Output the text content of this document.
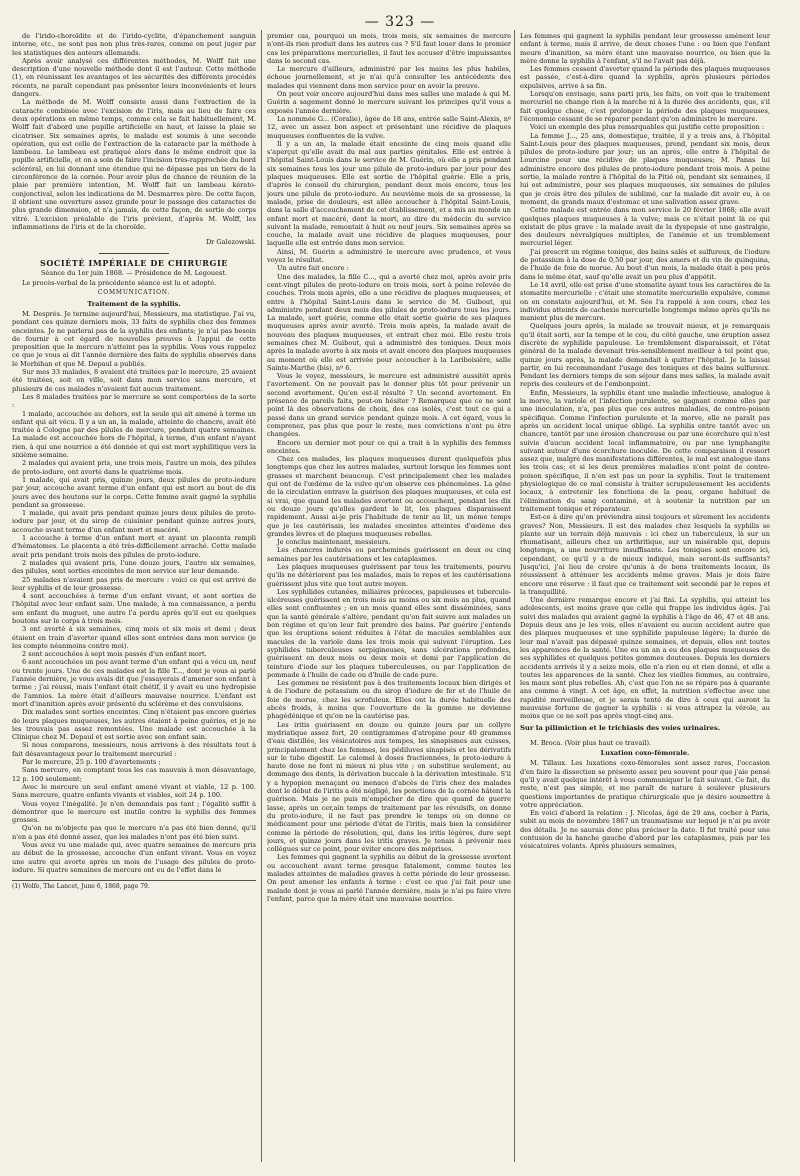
— 323 —

de l'irido-choroïdite et de l'irido-cyclite, d'épanchement sanguin interne, etc., ne sont pas non plus très-rares, comme on peut juger par les statistiques des auteurs allemands.

Après avoir analysé ces différentes méthodes, M. Wolff fait une description d'une nouvelle méthode dont il est l'auteur. Cette méthode (1), en réunissant les avantages et les sécurités des différents procédés récents, ne paraît cependant pas présenter leurs inconvénients et leurs dangers.

La méthode de M. Wolff consiste aussi dans l'extraction de la cataracte combinée avec l'excision de l'iris, mais au lieu de faire ces deux opérations en même temps, comme cela se fait habituellement, M. Wolff fait d'abord une pupille artificielle en haut, et laisse la plaie se cicatriser. Six semaines après, le malade est soumis à une seconde opération, qui est celle de l'extraction de la cataracte par la méthode à lambeau. Le lambeau est pratiqué alors dans le même endroit que la pupille artificielle, et on a soin de faire l'incision très-rapprochée du bord scléréral, en lui donnant une étendue qui ne dépasse pas un tiers de la circonférence de la cornée. Pour avoir plus de chance de réunion de la plaie par première intention, M. Wolff fait un lambeau kérato-conjonctival, selon les indications de M. Desmarres père. De cette façon, il obtient une ouverture assez grande pour le passage des cataractes de plus grande dimension, et n'a jamais, de cette façon, de sortie de corps vitré. L'excision préalable de l'iris prévient, d'après M. Wolff, les inflammations de l'iris et de la choroïde.

Dr Galezowski.

SOCIÉTÉ IMPÉRIALE DE CHIRURGIE

Séance du 1er juin 1868. — Présidence de M. Legouest.

Le procès-verbal de la précédente séance est lu et adopté.

COMMUNICATION.

Traitement de la syphilis.

M. Després. Je termine aujourd'hui, Messieurs, ma statistique. J'ai vu, pendant ces quinze derniers mois, 33 faits de syphilis chez des femmes enceintes. Je ne parlerai pas de la syphilis des enfants; je n'ai pas besoin de fournir à cet égard de nouvelles preuves à l'appui de cette proposition que le mercure n'atteint pas la syphilis. Vous vous rappelez ce que je vous ai dit l'année dernière des faits de syphilis observés dans le Morbihan et que M. Depaul a publiés.

Sur mes 33 malades, 8 avaient été traitées par le mercure, 25 avaient été traitées, soit en ville, soit dans mon service sans mercure, et plusieurs de ces malades n'avaient fait aucun traitement.

Les 8 malades traitées par le mercure se sont comportées de la sorte :

1 malade, accouchée au dehors, est la seule qui ait amené à terme un enfant qui ait vécu. Il y a un an, la malade, atteinte de chancre, avait été traitée à Cologne par des pilules de mercure, pendant quatre semaines. La malade est accouchée hors de l'hôpital, à terme, d'un enfant n'ayant rien, à qui une nourrice a été donnée et qui est mort syphilitique vers la sixième semaine.

2 malades qui avaient pris, une trois mois, l'autre un mois, des pilules de proto-iodure, ont avorté dans le quatrième mois.

1 malade, qui avait pris, quinze jours, deux pilules de proto-iodure par jour, accouche avant terme d'un enfant qui est mort au bout de dix jours avec des boutons sur le corps. Cette femme avait gagné la syphilis pendant sa grossesse.

1 malade, qui avait pris pendant quinze jours deux pilules de proto-iodure par jour, et du sirop de cuisinier pendant quinze autres jours, accouche avant terme d'un enfant mort et macéré.

1 accouche à terme d'un enfant mort et ayant un placenta rempli d'hématomes. Le placenta a été très-difficilement arraché. Cette malade avait pris pendant trois mois des pilules de proto-iodure.

2 malades qui avaient pris, l'une douze jours, l'autre six semaines, des pilules, sont sorties enceintes de mon service sur leur demande.

25 malades n'avaient pas pris de mercure : voici ce qui est arrivé de leur syphilis et de leur grossesse.

4 sont accouchées à terme d'un enfant vivant, et sont sorties de l'hôpital avec leur enfant sain. Une malade, à ma connaissance, a perdu son enfant du muguet, une autre l'a perdu après qu'il eut eu quelques boutons sur le corps à trois mois.

3 ont avorté à six semaines, cinq mois et six mois et demi ; deux étaient en train d'avorter quand elles sont entrées dans mon service (je les compte néanmoins contre moi).

2 sont accouchées à sept mois passés d'un enfant mort.

6 sont accouchées un peu avant terme d'un enfant qui a vécu un, neuf ou trente jours. Une de ces malades est la fille T..., dont je vous ai parlé l'année dernière, je vous avais dit que j'essayerais d'amener son enfant à terme ; j'ai réussi, mais l'enfant était chétif, il y avait eu une hydropisie de l'amnios. La mère était d'ailleurs mauvaise nourrice. L'enfant est mort d'inanition après avoir présenté du sclérème et des convulsions.

Dix malades sont sorties enceintes. Cinq n'étaient pas encore guéries de leurs plaques muqueuses, les autres étaient à peine guéries, et je ne les trouvais pas assez remontées. Une malade est accouchée à la Clinique chez M. Depaul et est sortie avec son enfant sain.

Si nous comparons, messieurs, nous arrivons à des résultats tout à fait désavantageux pour le traitement mercuriel :

Par le mercure, 25 p. 100 d'avortements ;

Sans mercure, en comptant tous les cas mauvais à mon désavantage, 12 p. 100 seulement;

Avec le mercure un seul enfant amené vivant et viable, 12 p. 100. Sans mercure, quatre enfants vivants et viables, soit 24 p. 100.

Vous voyez l'inégalité. Je n'en demandais pas tant ; l'égalité suffit à démontrer que le mercure est inutile contre la syphilis des femmes grosses.

Qu'on ne m'objecte pas que le mercure n'a pas été bien donné, qu'il n'en a pas été donné assez, que les malades n'ont pas été bien suivi.

Vous avez vu une malade qui, avec quatre semaines de mercure pris au début de la grossesse, accouche d'un enfant vivant. Vous en voyez une autre qui avorte après un mois de l'usage des pilules de proto-iodure. Si quatre semaines de mercure ont eu de l'effet dans le

(1) Wolfe, The Lancet, June 6, 1868, page 79.

premier cas, pourquoi un mois, trois mois, six semaines de mercure n'ont-ils rien produit dans les autres cas ? S'il faut louer dans le premier cas les préparations mercurielles, il faut les accuser d'être impuissantes dans le second cas.

Le mercure d'ailleurs, administré par les mains les plus habiles, échoue journellement, et je n'ai qu'à consulter les antécédents des malades qui viennent dans mon service pour en avoir la preuve.

On peut voir encore aujourd'hui dans mes salles une malade à qui M. Guérin a sagement donné le mercure suivant les principes qu'il vous a exposés l'année dernière.

La nommée G... (Coralie), âgée de 18 ans, entrée salle Saint-Alexis, nº 12, avec un assez bon aspect et présentant une récidive de plaques muqueuses confluentes de la vulve.

Il y a un an, la malade était enceinte de cinq mois quand elle s'aperçut qu'elle avait du mal aux parties génitales. Elle est entrée à l'hôpital Saint-Louis dans le service de M. Guérin, où elle a pris pendant six semaines tous les jour une pilule de proto-iodure par jour pour des plaques muqueuses. Elle est sortie de l'hôpital guérie. Elle a pris, d'après le conseil du chirurgien, pendant deux mois encore, tous les jours une pilule de proto-iodure. Au neuvième mois de sa grossesse, la malade, prise de douleurs, est allée accoucher à l'hôpital Saint-Louis, dans la salle d'accouchement de cet établissement, et a mis au monde un enfant mort et macéré, dont la mort, au dire du médecin du service suivant la malade, remontait à huit ou neuf jours. Six semaines après sa couche, la malade avait une récidive de plaques muqueuses, pour laquelle elle est entrée dans mon service.

Ainsi, M. Guérin a administré le mercure avec prudence, et vous voyez le résultat.

Un autre fait encore :

Une des malades, la fille C..., qui a avorté chez moi, après avoir pris cent-vingt pilules de proto-iodure en trois mois, sort à peine relevée de couches. Trois mois après, elle a une récidive de plaques muqueuses, et entre à l'hôpital Saint-Louis dans le service de M. Guibout, qui administre pendant deux mois des pilules de proto-iodure tous les jours. La malade, sort guérie, comme elle était sortie guérie de ses plaques muqueuses après avoir avorté. Trois mois après, la malade avait de nouveau des plaques muqueuses, et entrait chez moi. Elle reste trois semaines chez M. Guibout, qui a administré des toniques. Deux mois après la malade avorte à six mois et avait encore des plaques muqueuses au moment où elle est arrivée pour accoucher à la Lariboisière, salle Sainte-Marthe (bis), nº 6.

Vous le voyez, messieurs, le mercure est administré aussitôt après l'avortement. On ne pouvait pas le donner plus tôt pour prévenir un second avortement. Qu'en est-il résulté ? Un second avortement. En présence de pareils faits, peut-on hésiter ? Remarquez que ce ne sont point là des observations de choix, des cas isolés, c'est tout ce qui a passé dans un grand service pendant quinze mois. A cet égard, vous le comprenez, pas plus que pour le reste, mes convictions n'ont pu être changées.

Encore un dernier mot pour ce qui a trait à la syphilis des femmes enceintes.

Chez ces malades, les plaques muqueuses durent quelquefois plus longtemps que chez les autres malades, surtout lorsque les femmes sont grasses et marchent beaucoup. C'est principalement chez les malades qui ont de l'œdème de la vulve qu'on observe ces phénomènes. La gêne de la circulation entrave la guérison des plaques muqueuses, et cela est si vrai, que quand les malades avortent ou accouchent, pendant les dix ou douze jours qu'elles gardent le lit, les plaques disparaissent rapidement. Aussi ai-je pris l'habitude de tenir au lit, un même temps que je les cautérisais, les malades enceintes atteintes d'œdème des grandes lèvres et de plaques muqueuses rebelles.

Je conclus maintenant, messieurs.

Les chancres indurés ou parcheminés guérissent en deux ou cinq semaines par les cautérisations et les cataplasmes.

Les plaques muqueuses guérissent par tous les traitements, pourvu qu'ils ne détériorent pas les malades, mais le repos et les cautérisations guérissent plus vite que tout autre moyen.

Les syphilides cutanées, miliaires précoces, papuleuses et tuberculo-ulcéreuses guérissent en trois mois au moins ou six mois au plus, quand elles sont confluentes ; en un mois quand elles sont disséminées, sans que la santé générale s'altère, pendant qu'on fait suivre aux malades un bon régime et qu'on leur fait prendre des bains. Par guérire j'entends que les éruptions soient réduites à l'état de macules semblables aux macules de la variole dans les trois mois qui suivent l'éruption. Les syphilides tuberculeuses serpigineuses, sans ulcérations profondes, guérissent en deux mois ou deux mois et demi par l'application de teinture d'iode sur les plaques tuberculeuses, ou par l'application de pommade à l'huile de cade ou d'huile de cade pure.

Les gommes ne résistent pas à des traitements locaux bien dirigés et à de l'iodure de potassium ou du sirop d'iodure de fer et de l'huile de foie de morue, chez les scrofuleux. Elles ont la durée habituelle des abcès froids, à moins que l'ouverture de la gomme ne devienne phagédénique et qu'on ne la cautérise pas.

Les iritis guérissent en douze ou quinze jours par un collyre mydriatique assez fort, 20 centigrammes d'atropine pour 40 grammes d'eau distillée, les vésicatoires aux tempes, les sinapismes aux cuisses, principalement chez les femmes, les pédiluves sinapisés et les dérivatifs sur le tube digestif. Le calomel à doses fractionnées, le proto-iodure à haute dose ne font ni mieux ni plus vite ; on substitue seulement, au dommage des dents, la dérivation buccale à la dérivation intestinale. S'il y a hypopion menaçant ou menace d'abcès de l'iris chez des malades dont le début de l'iritis a été négligé, les ponctions de la cornée hâtent la guérison. Mais je ne puis m'empêcher de dire que quand de guerre lasse, après un cer,ain temps de traitement par les révulsifs, on donne du proto-iodure, il ne faut pas prendre le temps où on donne ce médicament pour une période d'état de l'iritis, mais bien la considérer comme la période de résolution, qui, dans les iritis légères, dure sept jours, et quinze jours dans les iritis graves. Je tenais à prévenir mes collègues sur ce point, pour éviter encore des méprises.

Les femmes qui gagnent la syphilis au début de la grossesse avortent ou accouchent avant terme presque fatalement, comme toutes les malades atteintes de maladies graves à cette période de leur grossesse. On peut amener les enfants à terme : c'est ce que j'ai fait pour une malade dont je vous ai parlé l'année dernière, mais je n'ai pu faire vivre l'enfant, parce que la mère était une mauvaise nourrice.

Les femmes qui gagnent la syphilis pendant leur grossesse amènent leur enfant à terme, mais il arrive, de deux choses l'une : ou bien que l'enfant meure d'inanition, sa mère étant une mauvaise nourrice, ou bien que la mère donne la syphilis à l'enfant, s'il ne l'avait pas déjà.

Les femmes cessent d'avorter quand la période des plaques muqueuses est passée, c'est-à-dire quand la syphilis, après plusieurs périodes expulsives, arrive à sa fin.

Lorsqu'on envisage, sans parti pris, les faits, on voit que le traitement mercuriel ne change rien à la marche ni à la durée des accidents, que, s'il fait quelque chose, c'est prolonger la période des plaques muqueuses, l'économie cessant de se réparer pendant qu'on administre le mercure.

Voici un exemple des plus remarquables qui justifie cette proposition :

La femme J..., 25 ans, domestique, traitée, il y a trois ans, à l'hôpital Saint-Louis pour des plaques muqueuses, prend, pendant six mois, deux pilules de proto-iodure par jour; un an après, elle entre à l'hôpital de Lourcine pour une récidive de plaques muqueuses; M. Panas lui administre encore des pilules de proto-iodure pendant trois mois. A peine sortie, la malade rentre à l'hôpital de la Pitié où, pendant six semaines, il lui est administré, pour ses plaques muqueuses, six semaines de pilules que je crois être des pilules de sublimé, car la malade dit avoir eu, à ce moment, de grands maux d'estomac et une salivation assez grave.

Cette malade est entrée dans mon service le 20 février 1868; elle avait quelques plaques muqueuses à la vulve; mais ce n'était point là ce qui existait de plus grave : la malade avait de la dyspepsie et une gastralgie, des douleurs névralgiques multiples, de l'anémie et un tremblement mercuriel léger.

J'ai prescrit un régime tonique, des bains salés et sulfureux, de l'iodure de potassium à la dose de 0,50 par jour, des amers et du vin de quinquina, de l'huile de foie de morue. Au bout d'un mois, la malade était à peu près dans le même état, sauf qu'elle avait un peu plus d'appétit.

Le 14 avril, elle est prise d'une stomatite ayant tous les caractères de la stomatite mercurielle : c'était une stomatite mercurielle expulsive, comme on en constate aujourd'hui, et M. Sée l'a rappelé à son cours, chez les individus atteints de cachexie mercurielle longtemps même après qu'ils ne manient plus de mercure.

Quelques jours après, la malade se trouvait mieux, et je remarquais qu'il était sorti, sur la tempe et le cou, du côté gauche, une éruption assez discrète de syphilide papuleuse. Le tremblement disparaissait, et l'état général de la malade devenait très-sensiblement meilleur à tel point que, quinze jours après, la malade demandait à quitter l'hôpital. Je la laissai partir, en lui recommandant l'usage des toniques et des bains sulfureux. Pendant les derniers temps de son séjour dans mes salles, la malade avait repris des couleurs et de l'embonpoint.

Enfin, Messieurs, la syphilis étant une maladie infectieuse, analogue à la morve, la variole et l'infection purulente, se gagnant comme elles par une inoculation, n'a, pas plus que ces autres maladies, de contre-poison spécifique. Comme l'infection purulente et la morve, elle ne paraît pas après un accident local unique obligé. La syphilis entre tantôt avec un chancre, tantôt par une érosion chancreuse ou par une écorchure qui n'est suivie d'aucun accident local inflammatoire, ou par une lymphangite suivant autour d'une écorchure inoculée. De cette comparaison il ressort assez que, malgré des manifestations différentes, le mal est analogue dans les trois cas; et si les deux premières maladies n'ont point de contre-poison spécifique, il n'en est pas un pour la syphilis. Tout le traitement physiologique de ce mal consiste à traiter scrupuleusement les accidents locaux, à entretenir les fonctions de la peau, organe habituel de l'élimination du sang contaminé, et à soutenir la nutrition par un traitement tonique et réparateur.

Est-ce à dire qu'on préviendra ainsi toujours et sûrement les accidents graves? Non, Messieurs. Il est des malades chez lesquels la syphilis se plante sur un terrain déjà mauvais : ici chez un tuberculeux, là sur un rhumatisant, ailleurs chez un arthritique, sur un misérable qui, depuis longtemps, a une nourriture insuffisante. Les toniques sont encore ici, cependant, ce qu'il y a de mieux indiqué, mais seront-ils suffisants? Jusqu'ici, j'ai lieu de croire qu'unis à de bons traitements locaux, ils réussissent à atténuer les accidents même graves. Mais je dois faire encore une réserve : il faut que ce traitement soit secondé par le repos et la tranquillité.

Une dernière remarque encore et j'ai fini. La syphilis, qui atteint les adolescents, est moins grave que celle qui frappe les individus âgés. J'ai suivi des malades qui avaient gagné la syphilis à l'âge de 46, 47 et 48 ans. Depuis deux ans je les vois, elles n'avaient eu aucun accident autre que des plaques muqueuses et une syphilide papuleuse légère; la durée de leur mal n'avait pas dépassé quinze semaines, et depuis, elles ont toutes les apparences de la santé. Une eu un an a eu des plaques muqueuses de ses syphilides et quelques petites gommes douteuses. Depuis les derniers accidents arrivés il y a seize mois, elle n'a rien eu et rien donné, et elle a toutes les apparences de la santé. Chez les vieilles femmes, au contraire, les maux sont plus rebelles. Ah, c'est que l'on ne se répare pas à quarante ans comme à vingt. A cet âge, en effet, la nutrition s'effectue avec une rapidité merveilleuse, et je serais tenté de dire à ceux qui auront la mauvaise fortune de gagner la syphilis : si vous attrapez la vérole, au moins que ce ne soit pas après vingt-cinq ans.

Sur la pilimiction et le trichiasis des voies urinaires.

M. Broca. (Voir plus haut ce travail).

Luxation coxo-fémorale.

M. Tillaux. Les luxations coxo-fémorales sont assez rares, l'occasion d'en faire la dissection se présente assez peu souvent pour que j'aie pensé qu'il y avait quelque intérêt à vous communiquer le fait suivant. Ce fait, du reste, n'est pas simple, et me paraît de nature à soulever plusieurs questions importantes de pratique chirurgicale que je désire soumettre à votre appréciation.

En voici d'abord la relation : J. Nicolas, âgé de 29 ans, cocher à Paris, subit au mois de novembre 1867 un traumatisme sur lequel je n'ai pu avoir des détails. Je ne saurais donc plus préciser la date. Il fut traité pour une contusion de la hanche gauche d'abord par les cataplasmes, puis par les vésicatoires volants. Après plusieurs semaines,
